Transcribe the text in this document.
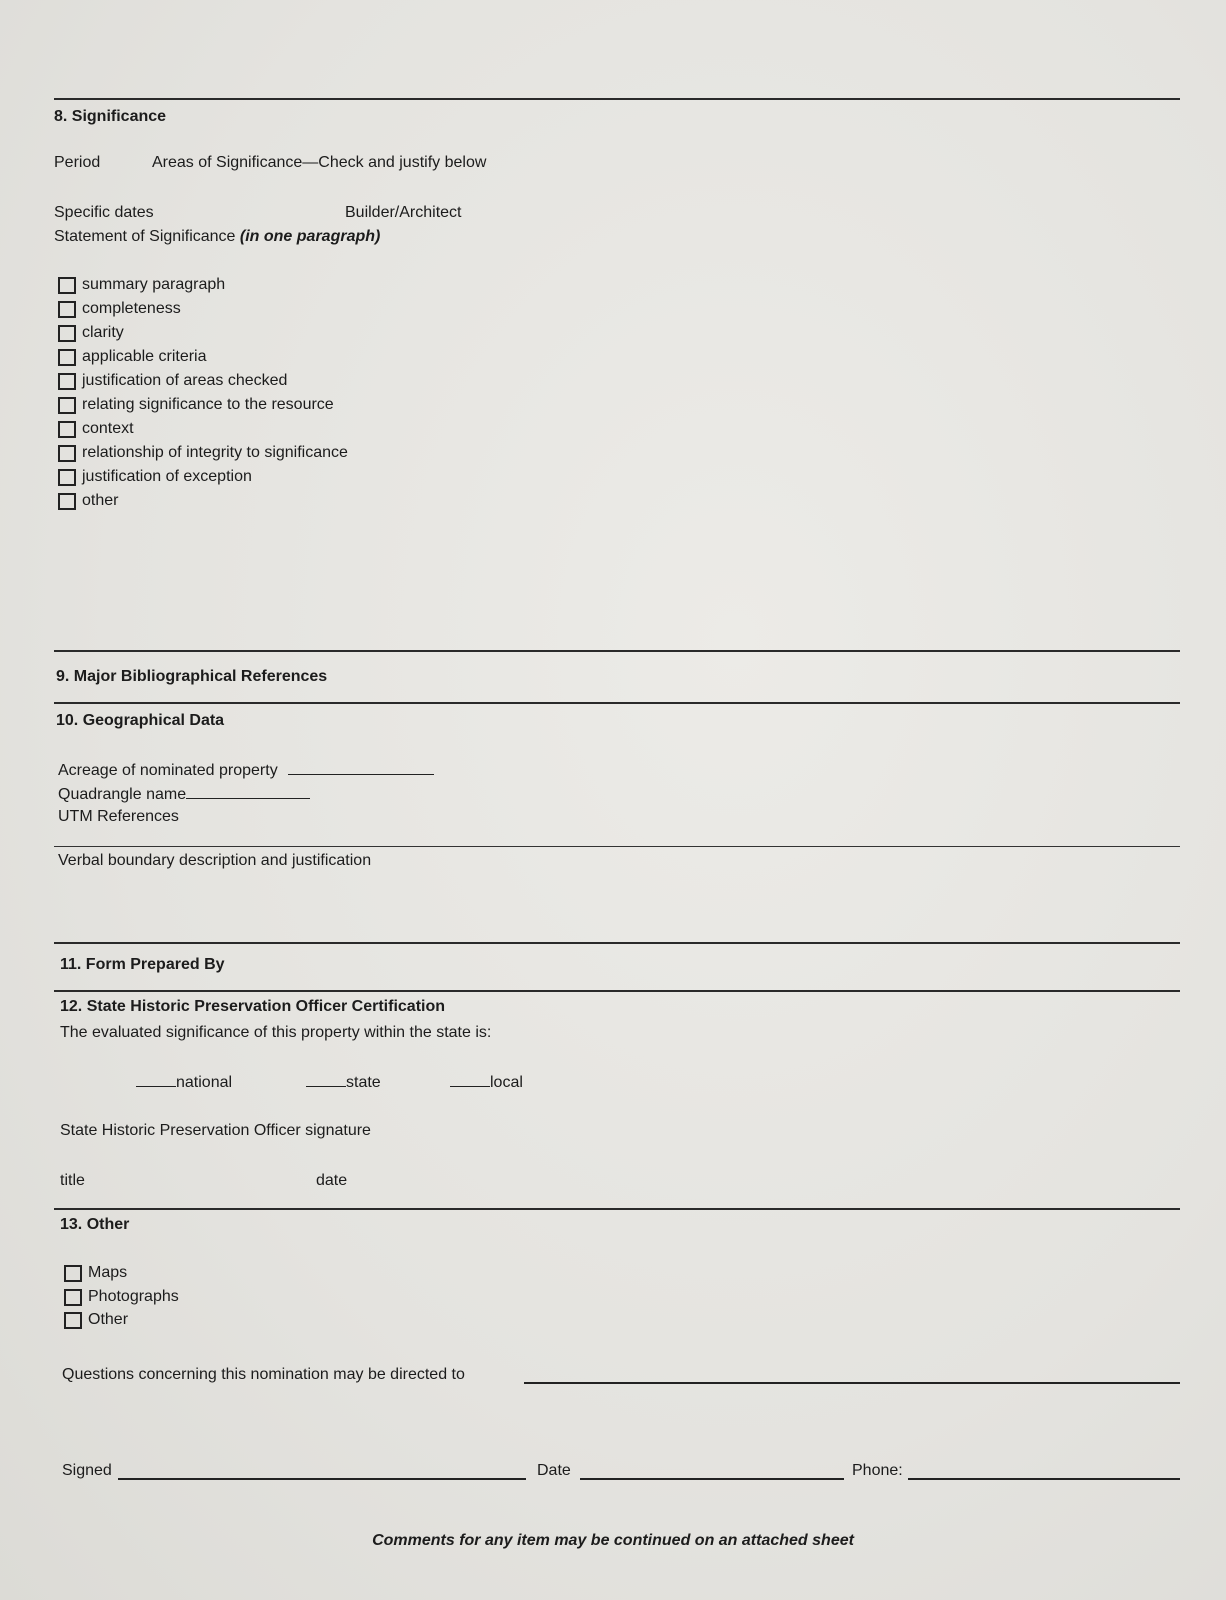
8. Significance
Period	Areas of Significance—Check and justify below
Specific dates	Builder/Architect
Statement of Significance (in one paragraph)
summary paragraph
completeness
clarity
applicable criteria
justification of areas checked
relating significance to the resource
context
relationship of integrity to significance
justification of exception
other
9. Major Bibliographical References
10. Geographical Data
Acreage of nominated property
Quadrangle name
UTM References
Verbal boundary description and justification
11. Form Prepared By
12. State Historic Preservation Officer Certification
The evaluated significance of this property within the state is:
national	state	local
State Historic Preservation Officer signature
title	date
13. Other
Maps
Photographs
Other
Questions concerning this nomination may be directed to
Signed	Date	Phone:
Comments for any item may be continued on an attached sheet
